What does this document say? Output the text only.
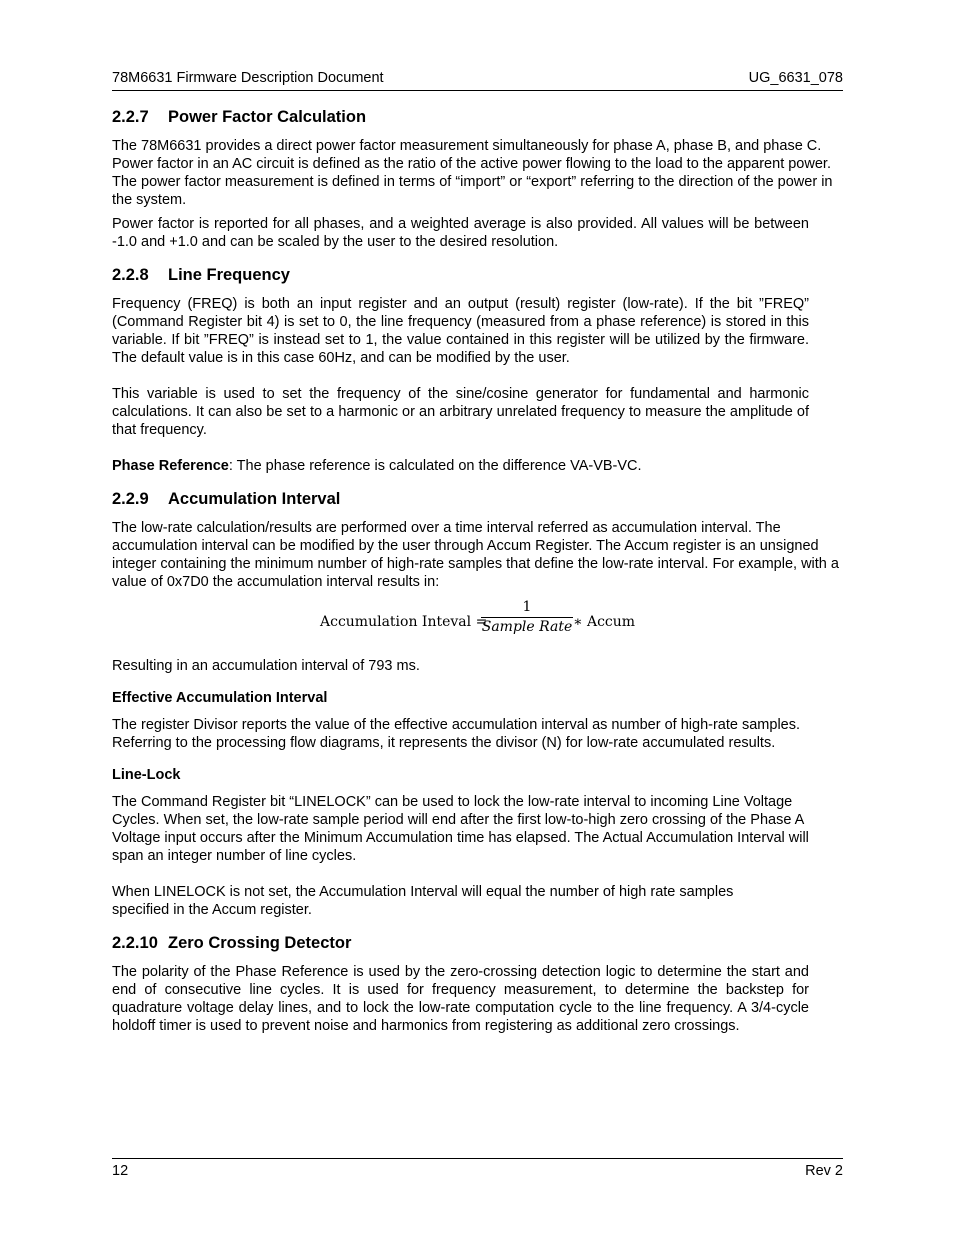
78M6631 Firmware Description Document	UG_6631_078
2.2.7 Power Factor Calculation

The 78M6631 provides a direct power factor measurement simultaneously for phase A, phase B, and phase C. Power factor in an AC circuit is defined as the ratio of the active power flowing to the load to the apparent power. The power factor measurement is defined in terms of “import” or “export” referring to the direction of the power in the system.

Power factor is reported for all phases, and a weighted average is also provided. All values will be between -1.0 and +1.0 and can be scaled by the user to the desired resolution.

2.2.8 Line Frequency

Frequency (FREQ) is both an input register and an output (result) register (low-rate). If the bit ”FREQ” (Command Register bit 4) is set to 0, the line frequency (measured from a phase reference) is stored in this variable. If bit ”FREQ” is instead set to 1, the value contained in this register will be utilized by the firmware. The default value is in this case 60Hz, and can be modified by the user.

This variable is used to set the frequency of the sine/cosine generator for fundamental and harmonic calculations. It can also be set to a harmonic or an arbitrary unrelated frequency to measure the amplitude of that frequency.

Phase Reference: The phase reference is calculated on the difference VA-VB-VC.

2.2.9 Accumulation Interval

The low-rate calculation/results are performed over a time interval referred as accumulation interval. The accumulation interval can be modified by the user through Accum Register. The Accum register is an unsigned integer containing the minimum number of high-rate samples that define the low-rate interval. For example, with a value of 0x7D0 the accumulation interval results in:

Accumulation Inteval =
1
Sample Rate ∗ Accum

Resulting in an accumulation interval of 793 ms.

Effective Accumulation Interval

The register Divisor reports the value of the effective accumulation interval as number of high-rate samples. Referring to the processing flow diagrams, it represents the divisor (N) for low-rate accumulated results.

Line-Lock

The Command Register bit “LINELOCK” can be used to lock the low-rate interval to incoming Line Voltage Cycles. When set, the low-rate sample period will end after the first low-to-high zero crossing of the Phase A Voltage input occurs after the Minimum Accumulation time has elapsed. The Actual Accumulation Interval will span an integer number of line cycles.

When LINELOCK is not set, the Accumulation Interval will equal the number of high rate samples specified in the Accum register.

2.2.10 Zero Crossing Detector

The polarity of the Phase Reference is used by the zero-crossing detection logic to determine the start and end of consecutive line cycles. It is used for frequency measurement, to determine the backstep for quadrature voltage delay lines, and to lock the low-rate computation cycle to the line frequency. A 3/4-cycle holdoff timer is used to prevent noise and harmonics from registering as additional zero crossings.

12	Rev 2
